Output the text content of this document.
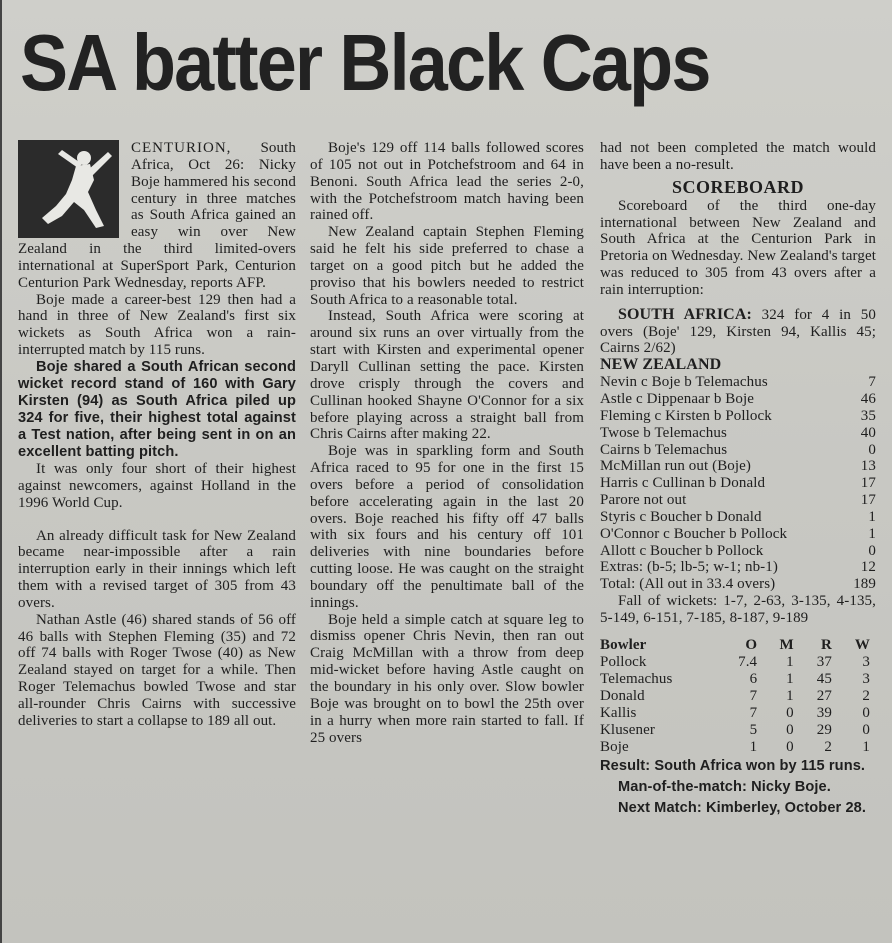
SA batter Black Caps

CENTURION, South Africa, Oct 26: Nicky Boje hammered his second century in three matches as South Africa gained an easy win over New Zealand in the third limited-overs international at SuperSport Park, Centurion Centurion Park Wednesday, reports AFP.

Boje made a career-best 129 then had a hand in three of New Zealand's first six wickets as South Africa won a rain-interrupted match by 115 runs.

Boje shared a South African second wicket record stand of 160 with Gary Kirsten (94) as South Africa piled up 324 for five, their highest total against a Test nation, after being sent in on an excellent batting pitch.

It was only four short of their highest against newcomers, against Holland in the 1996 World Cup.

An already difficult task for New Zealand became near-impossible after a rain interruption early in their innings which left them with a revised target of 305 from 43 overs.

Nathan Astle (46) shared stands of 56 off 46 balls with Stephen Fleming (35) and 72 off 74 balls with Roger Twose (40) as New Zealand stayed on target for a while. Then Roger Telemachus bowled Twose and star all-rounder Chris Cairns with successive deliveries to start a collapse to 189 all out.

Boje's 129 off 114 balls followed scores of 105 not out in Potchefstroom and 64 in Benoni. South Africa lead the series 2-0, with the Potchefstroom match having been rained off.

New Zealand captain Stephen Fleming said he felt his side preferred to chase a target on a good pitch but he added the proviso that his bowlers needed to restrict South Africa to a reasonable total.

Instead, South Africa were scoring at around six runs an over virtually from the start with Kirsten and experimental opener Daryll Cullinan setting the pace. Kirsten drove crisply through the covers and Cullinan hooked Shayne O'Connor for a six before playing across a straight ball from Chris Cairns after making 22.

Boje was in sparkling form and South Africa raced to 95 for one in the first 15 overs before a period of consolidation before accelerating again in the last 20 overs. Boje reached his fifty off 47 balls with six fours and his century off 101 deliveries with nine boundaries before cutting loose. He was caught on the straight boundary off the penultimate ball of the innings.

Boje held a simple catch at square leg to dismiss opener Chris Nevin, then ran out Craig McMillan with a throw from deep mid-wicket before having Astle caught on the boundary in his only over. Slow bowler Boje was brought on to bowl the 25th over in a hurry when more rain started to fall. If 25 overs

had not been completed the match would have been a no-result.

SCOREBOARD

Scoreboard of the third one-day international between New Zealand and South Africa at the Centurion Park in Pretoria on Wednesday. New Zealand's target was reduced to 305 from 43 overs after a rain interruption:

SOUTH AFRICA: 324 for 4 in 50 overs (Boje' 129, Kirsten 94, Kallis 45; Cairns 2/62)

NEW ZEALAND
Nevin c Boje b Telemachus	7
Astle c Dippenaar b Boje	46
Fleming c Kirsten b Pollock	35
Twose b Telemachus	40
Cairns b Telemachus	0
McMillan run out (Boje)	13
Harris c Cullinan b Donald	17
Parore not out	17
Styris c Boucher b Donald	1
O'Connor c Boucher b Pollock	1
Allott c Boucher b Pollock	0
Extras: (b-5; lb-5; w-1; nb-1)	12
Total: (All out in 33.4 overs)	189

Fall of wickets: 1-7, 2-63, 3-135, 4-135, 5-149, 6-151, 7-185, 8-187, 9-189

Bowler	O	M	R	W
Pollock	7.4	1	37	3
Telemachus	6	1	45	3
Donald	7	1	27	2
Kallis	7	0	39	0
Klusener	5	0	29	0
Boje	1	0	2	1
Result: South Africa won by 115 runs.
Man-of-the-match: Nicky Boje.
Next Match: Kimberley, October 28.
